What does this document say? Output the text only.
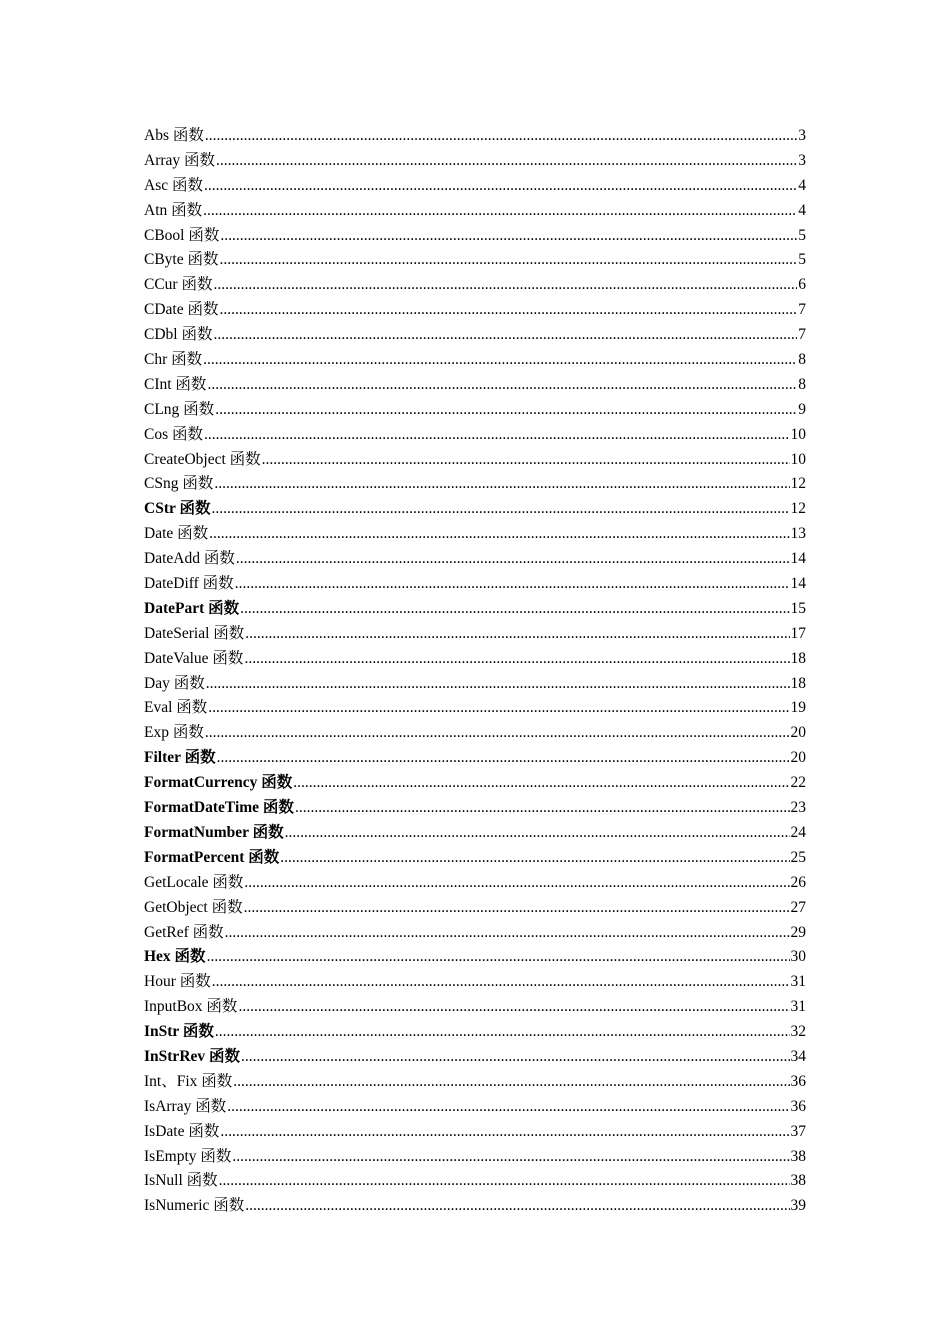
Abs 函数 .....	3
Array 函数 .....	3
Asc 函数 .....	4
Atn 函数 .....	4
CBool 函数 .....	5
CByte 函数 .....	5
CCur 函数 .....	6
CDate 函数 .....	7
CDbl 函数 .....	7
Chr 函数 .....	8
CInt 函数 .....	8
CLng 函数 .....	9
Cos 函数 .....	10
CreateObject 函数 .....	10
CSng 函数 .....	12
CStr 函数 .....	12
Date 函数 .....	13
DateAdd 函数 .....	14
DateDiff 函数 .....	14
DatePart 函数 .....	15
DateSerial 函数 .....	17
DateValue 函数 .....	18
Day 函数 .....	18
Eval 函数 .....	19
Exp 函数 .....	20
Filter 函数 .....	20
FormatCurrency 函数 .....	22
FormatDateTime 函数 .....	23
FormatNumber 函数 .....	24
FormatPercent 函数 .....	25
GetLocale 函数 .....	26
GetObject 函数 .....	27
GetRef 函数 .....	29
Hex 函数 .....	30
Hour 函数 .....	31
InputBox 函数 .....	31
InStr 函数 .....	32
InStrRev 函数 .....	34
Int、Fix 函数 .....	36
IsArray 函数 .....	36
IsDate 函数 .....	37
IsEmpty 函数 .....	38
IsNull 函数 .....	38
IsNumeric 函数 .....	39
